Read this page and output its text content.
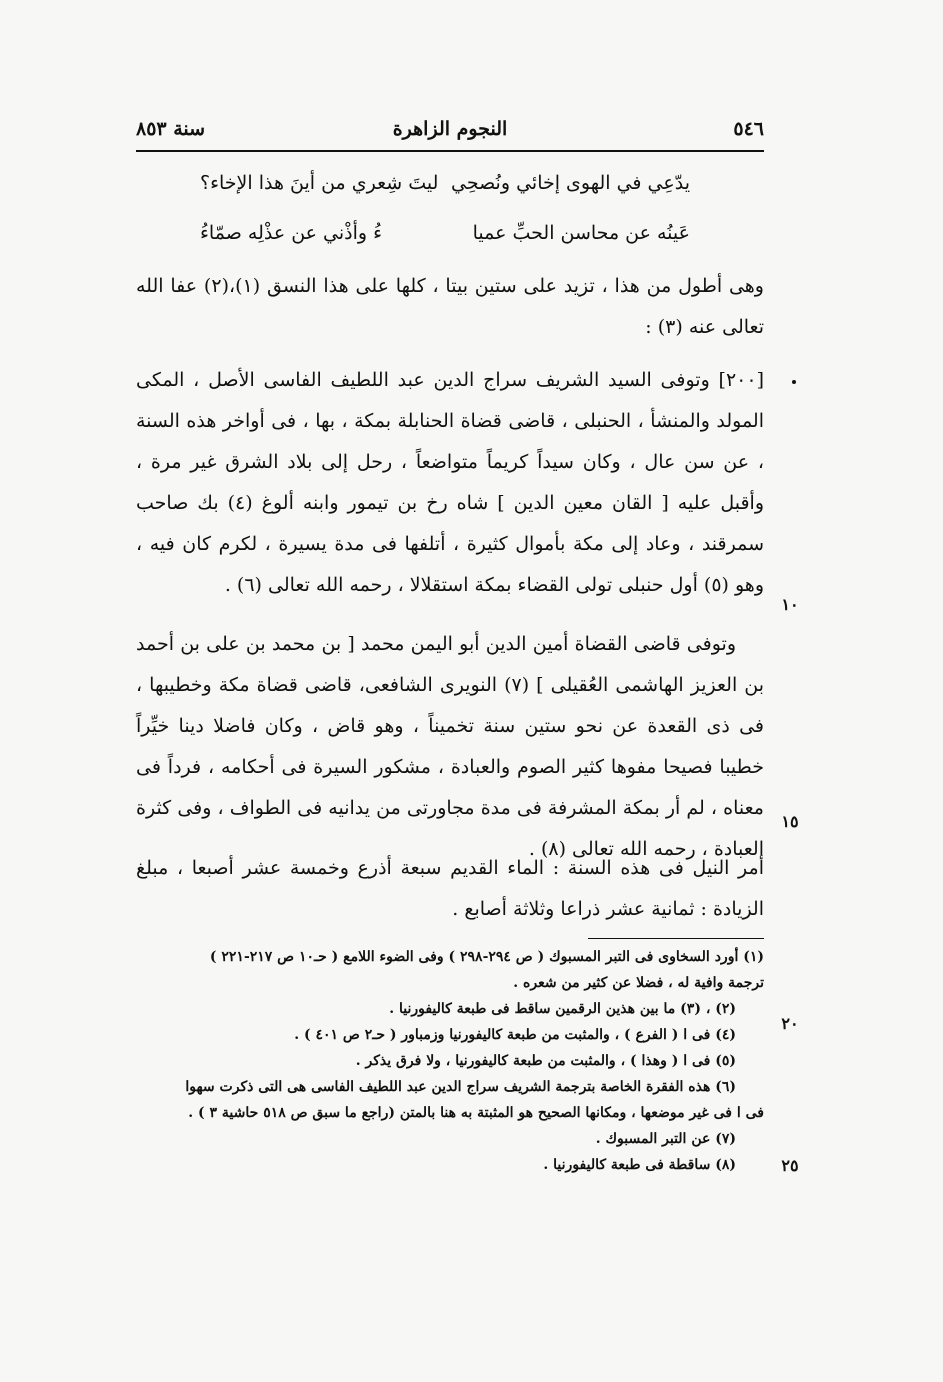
٥٤٦
النجوم الزاهرة
سنة ٨٥٣
يدّعِي في الهوى إخائي ونُصحِي
ليتَ شِعري من أينَ هذا الإخاء؟
عَينُه عن محاسن الحبِّ عميا
ءُ وأذْني عن عذْلِه صمّاءُ

وهى أطول من هذا ، تزيد على ستين بيتا ، كلها على هذا النسق (١)،(٢) عفا الله تعالى عنه (٣) :

[٢٠٠] وتوفى السيد الشريف سراج الدين عبد اللطيف الفاسى الأصل ، المكى المولد والمنشأ ، الحنبلى ، قاضى قضاة الحنابلة بمكة ، بها ، فى أواخر هذه السنة ، عن سن عال ، وكان سيداً كريماً متواضعاً ، رحل إلى بلاد الشرق غير مرة ، وأقبل عليه [ القان معين الدين ] شاه رخ بن تيمور وابنه ألوغ (٤) بك صاحب سمرقند ، وعاد إلى مكة بأموال كثيرة ، أتلفها فى مدة يسيرة ، لكرم كان فيه ، وهو (٥) أول حنبلى تولى القضاء بمكة استقلالا ، رحمه الله تعالى (٦) .

وتوفى قاضى القضاة أمين الدين أبو اليمن محمد [ بن محمد بن على بن أحمد بن العزيز الهاشمى العُقيلى ] (٧) النويرى الشافعى، قاضى قضاة مكة وخطيبها ، فى ذى القعدة عن نحو ستين سنة تخميناً ، وهو قاض ، وكان فاضلا دينا خيِّراً خطيبا فصيحا مفوها كثير الصوم والعبادة ، مشكور السيرة فى أحكامه ، فرداً فى معناه ، لم أر بمكة المشرفة فى مدة مجاورتى من يدانيه فى الطواف ، وفى كثرة العبادة ، رحمه الله تعالى (٨) .

أمر النيل فى هذه السنة : الماء القديم سبعة أذرع وخمسة عشر أصبعا ، مبلغ الزيادة : ثمانية عشر ذراعا وثلاثة أصابع .

١٠
١٥
٢٠
٢٥

(١) أورد السخاوى فى التبر المسبوك ( ص ٢٩٤-٢٩٨ ) وفى الضوء اللامع ( حـ١٠ ص ٢١٧-٢٢١ )

ترجمة وافية له ، فضلا عن كثير من شعره .

(٢) ، (٣) ما بين هذين الرقمين ساقط فى طبعة كاليفورنيا .

(٤) فى ا ( الفرع ) ، والمثبت من طبعة كاليفورنيا وزمباور ( حـ٢ ص ٤٠١ ) .

(٥) فى ا ( وهذا ) ، والمثبت من طبعة كاليفورنيا ، ولا فرق يذكر .

(٦) هذه الفقرة الخاصة بترجمة الشريف سراج الدين عبد اللطيف الفاسى هى التى ذكرت سهوا

فى ا فى غير موضعها ، ومكانها الصحيح هو المثبتة به هنا بالمتن (راجع ما سبق ص ٥١٨ حاشية ٣ ) .

(٧) عن التبر المسبوك .

(٨) ساقطة فى طبعة كاليفورنيا .
